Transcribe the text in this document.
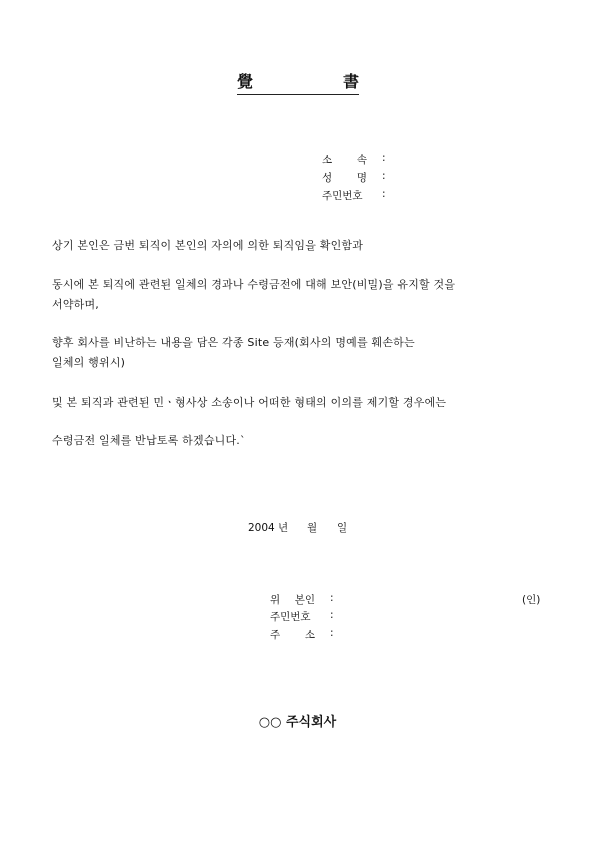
覺	書
소 속 :
성 명 :
주민번호	:
상기 본인은 금번 퇴직이 본인의 자의에 의한 퇴직임을 확인함과
동시에 본 퇴직에 관련된 일체의 경과나 수령금전에 대해 보안(비밀)을 유지할 것을
서약하며,
향후 회사를 비난하는 내용을 담은 각종 Site 등재(회사의 명예를 훼손하는
일체의 행위시)
및 본 퇴직과 관련된 민ㆍ형사상 소송이나 어떠한 형태의 이의를 제기할 경우에는
수령금전 일체를 반납토록 하겠습니다.ˋ
2004 년 월 일
위 본인 :	(인)
주민번호	:
주 소 :
○○ 주식회사
